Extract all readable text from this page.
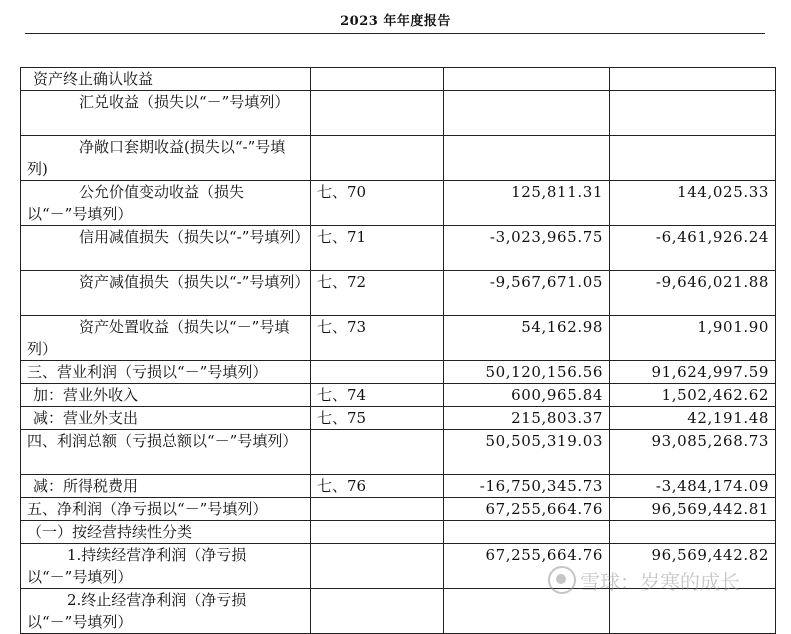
2023 年年度报告
资产终止确认收益			
汇兑收益（损失以“－”号填列）			
净敞口套期收益(损失以“-”号填列)			
公允价值变动收益（损失以“－”号填列）	七、70	125,811.31	144,025.33
信用减值损失（损失以“-”号填列）	七、71	-3,023,965.75	-6,461,926.24
资产减值损失（损失以“-”号填列）	七、72	-9,567,671.05	-9,646,021.88
资产处置收益（损失以“－”号填列）	七、73	54,162.98	1,901.90
三、营业利润（亏损以“－”号填列）		50,120,156.56	91,624,997.59
加：营业外收入	七、74	600,965.84	1,502,462.62
减：营业外支出	七、75	215,803.37	42,191.48
四、利润总额（亏损总额以“－”号填列）		50,505,319.03	93,085,268.73
减：所得税费用	七、76	-16,750,345.73	-3,484,174.09
五、净利润（净亏损以“－”号填列）		67,255,664.76	96,569,442.81
（一）按经营持续性分类			
1.持续经营净利润（净亏损以“－”号填列）		67,255,664.76	96,569,442.82
2.终止经营净利润（净亏损以“－”号填列）			
雪球：岁寒的成长
